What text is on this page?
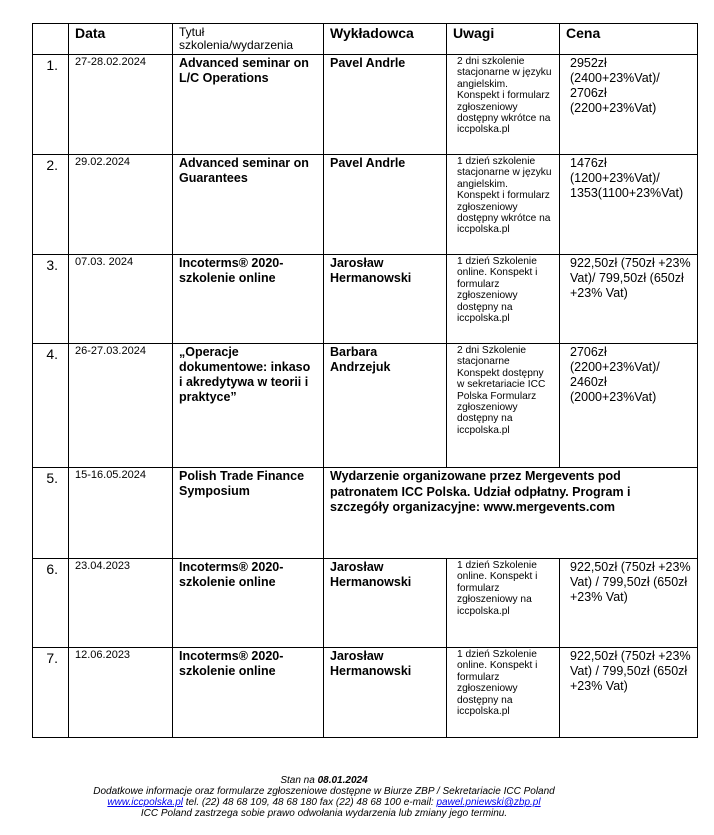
	Data	Tytuł szkolenia/wydarzenia	Wykładowca	Uwagi	Cena
1.	27-28.02.2024	Advanced seminar on L/C Operations	Pavel Andrle	2 dni szkolenie stacjonarne w języku angielskim. Konspekt i formularz zgłoszeniowy dostępny wkrótce na iccpolska.pl	2952zł (2400+23%Vat)/ 2706zł (2200+23%Vat)
2.	29.02.2024	Advanced seminar on Guarantees	Pavel Andrle	1 dzień szkolenie stacjonarne w języku angielskim. Konspekt i formularz zgłoszeniowy dostępny wkrótce na iccpolska.pl	1476zł (1200+23%Vat)/ 1353(1100+23%Vat)
3.	07.03. 2024	Incoterms® 2020- szkolenie online	Jarosław Hermanowski	1 dzień Szkolenie online. Konspekt i formularz zgłoszeniowy dostępny na iccpolska.pl	922,50zł (750zł +23% Vat)/ 799,50zł (650zł +23% Vat)
4.	26-27.03.2024	„Operacje dokumentowe: inkaso i akredytywa w teorii i praktyce”	Barbara Andrzejuk	2 dni Szkolenie stacjonarne Konspekt dostępny w sekretariacie ICC Polska Formularz zgłoszeniowy dostępny na iccpolska.pl	2706zł (2200+23%Vat)/ 2460zł (2000+23%Vat)
5.	15-16.05.2024	Polish Trade Finance Symposium	Wydarzenie organizowane przez Mergevents pod patronatem ICC Polska. Udział odpłatny. Program i szczegóły organizacyjne: www.mergevents.com		
6.	23.04.2023	Incoterms® 2020- szkolenie online	Jarosław Hermanowski	1 dzień Szkolenie online. Konspekt i formularz zgłoszeniowy na iccpolska.pl	922,50zł (750zł +23% Vat) / 799,50zł (650zł +23% Vat)
7.	12.06.2023	Incoterms® 2020- szkolenie online	Jarosław Hermanowski	1 dzień Szkolenie online. Konspekt i formularz zgłoszeniowy dostępny na iccpolska.pl	922,50zł (750zł +23% Vat) / 799,50zł (650zł +23% Vat)
Stan na 08.01.2024
Dodatkowe informacje oraz formularze zgłoszeniowe dostępne w Biurze ZBP / Sekretariacie ICC Poland
www.iccpolska.pl tel. (22) 48 68 109, 48 68 180 fax (22) 48 68 100 e-mail: pawel.pniewski@zbp.pl
ICC Poland zastrzega sobie prawo odwołania wydarzenia lub zmiany jego terminu.
